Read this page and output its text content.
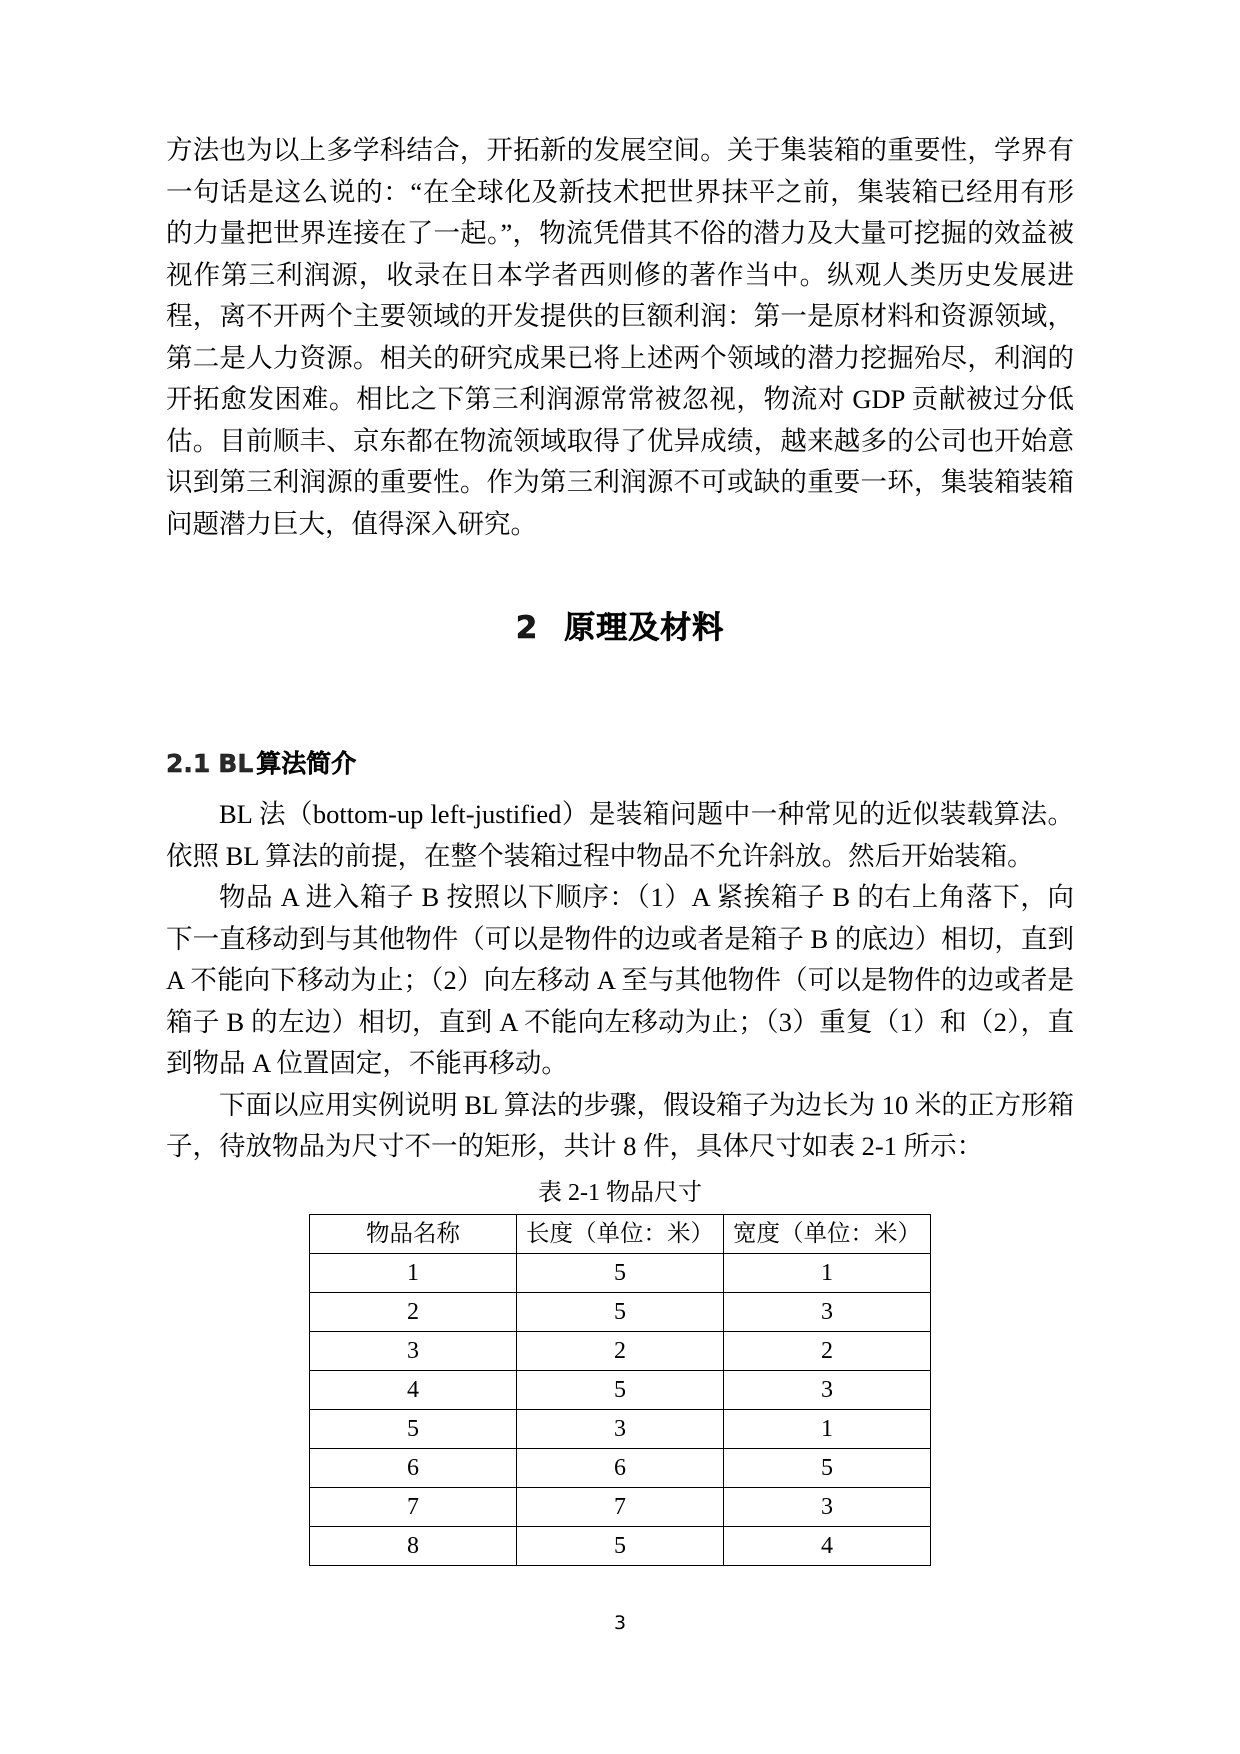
方法也为以上多学科结合，开拓新的发展空间。关于集装箱的重要性，学界有一句话是这么说的：“在全球化及新技术把世界抹平之前，集装箱已经用有形的力量把世界连接在了一起。”，物流凭借其不俗的潜力及大量可挖掘的效益被视作第三利润源，收录在日本学者西则修的著作当中。纵观人类历史发展进程，离不开两个主要领域的开发提供的巨额利润：第一是原材料和资源领域，第二是人力资源。相关的研究成果已将上述两个领域的潜力挖掘殆尽，利润的开拓愈发困难。相比之下第三利润源常常被忽视，物流对 GDP 贡献被过分低估。目前顺丰、京东都在物流领域取得了优异成绩，越来越多的公司也开始意识到第三利润源的重要性。作为第三利润源不可或缺的重要一环，集装箱装箱问题潜力巨大，值得深入研究。

2 原理及材料
2.1 BL 算法简介

BL 法（bottom-up left-justified）是装箱问题中一种常见的近似装载算法。依照 BL 算法的前提，在整个装箱过程中物品不允许斜放。然后开始装箱。

物品 A 进入箱子 B 按照以下顺序：（1）A 紧挨箱子 B 的右上角落下，向下一直移动到与其他物件（可以是物件的边或者是箱子 B 的底边）相切，直到 A 不能向下移动为止；（2）向左移动 A 至与其他物件（可以是物件的边或者是箱子 B 的左边）相切，直到 A 不能向左移动为止；（3）重复（1）和（2），直到物品 A 位置固定，不能再移动。

下面以应用实例说明 BL 算法的步骤，假设箱子为边长为 10 米的正方形箱子，待放物品为尺寸不一的矩形，共计 8 件，具体尺寸如表 2-1 所示：

表 2-1 物品尺寸
物品名称	长度（单位：米）	宽度（单位：米）
1	5	1
2	5	3
3	2	2
4	5	3
5	3	1
6	6	5
7	7	3
8	5	4
3
